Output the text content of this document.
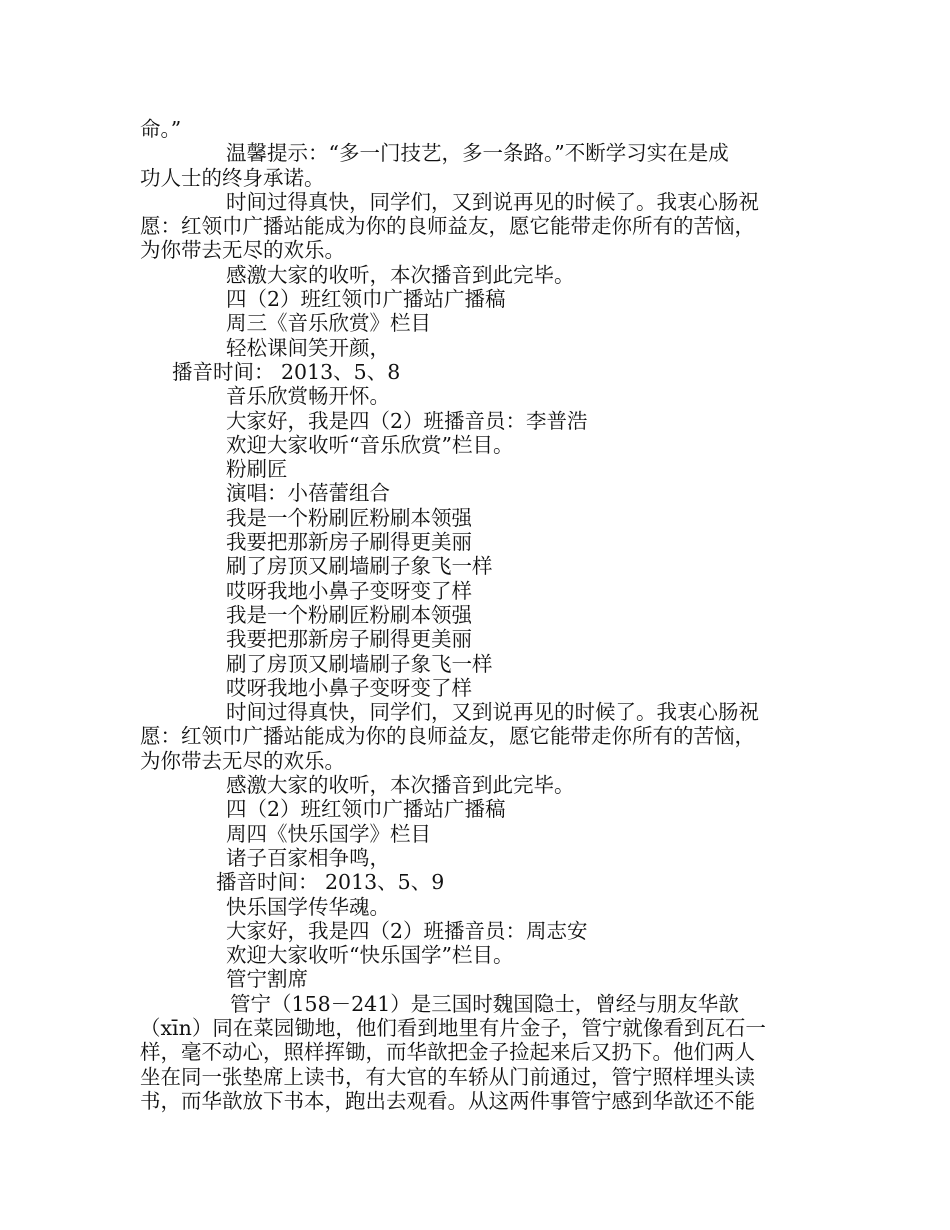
命。”
温馨提示：“多一门技艺，多一条路。”不断学习实在是成
功人士的终身承诺。
时间过得真快，同学们，又到说再见的时候了。我衷心肠祝
愿：红领巾广播站能成为你的良师益友，愿它能带走你所有的苦恼，
为你带去无尽的欢乐。
感激大家的收听，本次播音到此完毕。
四（2）班红领巾广播站广播稿
周三《音乐欣赏》栏目
轻松课间笑开颜，
播音时间： 2013、5、8
音乐欣赏畅开怀。
大家好，我是四（2）班播音员：李普浩
欢迎大家收听“音乐欣赏”栏目。
粉刷匠
演唱：小蓓蕾组合
我是一个粉刷匠粉刷本领强
我要把那新房子刷得更美丽
刷了房顶又刷墙刷子象飞一样
哎呀我地小鼻子变呀变了样
我是一个粉刷匠粉刷本领强
我要把那新房子刷得更美丽
刷了房顶又刷墙刷子象飞一样
哎呀我地小鼻子变呀变了样
时间过得真快，同学们，又到说再见的时候了。我衷心肠祝
愿：红领巾广播站能成为你的良师益友，愿它能带走你所有的苦恼，
为你带去无尽的欢乐。
感激大家的收听，本次播音到此完毕。
四（2）班红领巾广播站广播稿
周四《快乐国学》栏目
诸子百家相争鸣，
播音时间： 2013、5、9
快乐国学传华魂。
大家好，我是四（2）班播音员：周志安
欢迎大家收听“快乐国学”栏目。
管宁割席
管宁（158－241）是三国时魏国隐士，曾经与朋友华歆
（xīn）同在菜园锄地，他们看到地里有片金子，管宁就像看到瓦石一
样，毫不动心，照样挥锄，而华歆把金子捡起来后又扔下。他们两人
坐在同一张垫席上读书，有大官的车轿从门前通过，管宁照样埋头读
书，而华歆放下书本，跑出去观看。从这两件事管宁感到华歆还不能
